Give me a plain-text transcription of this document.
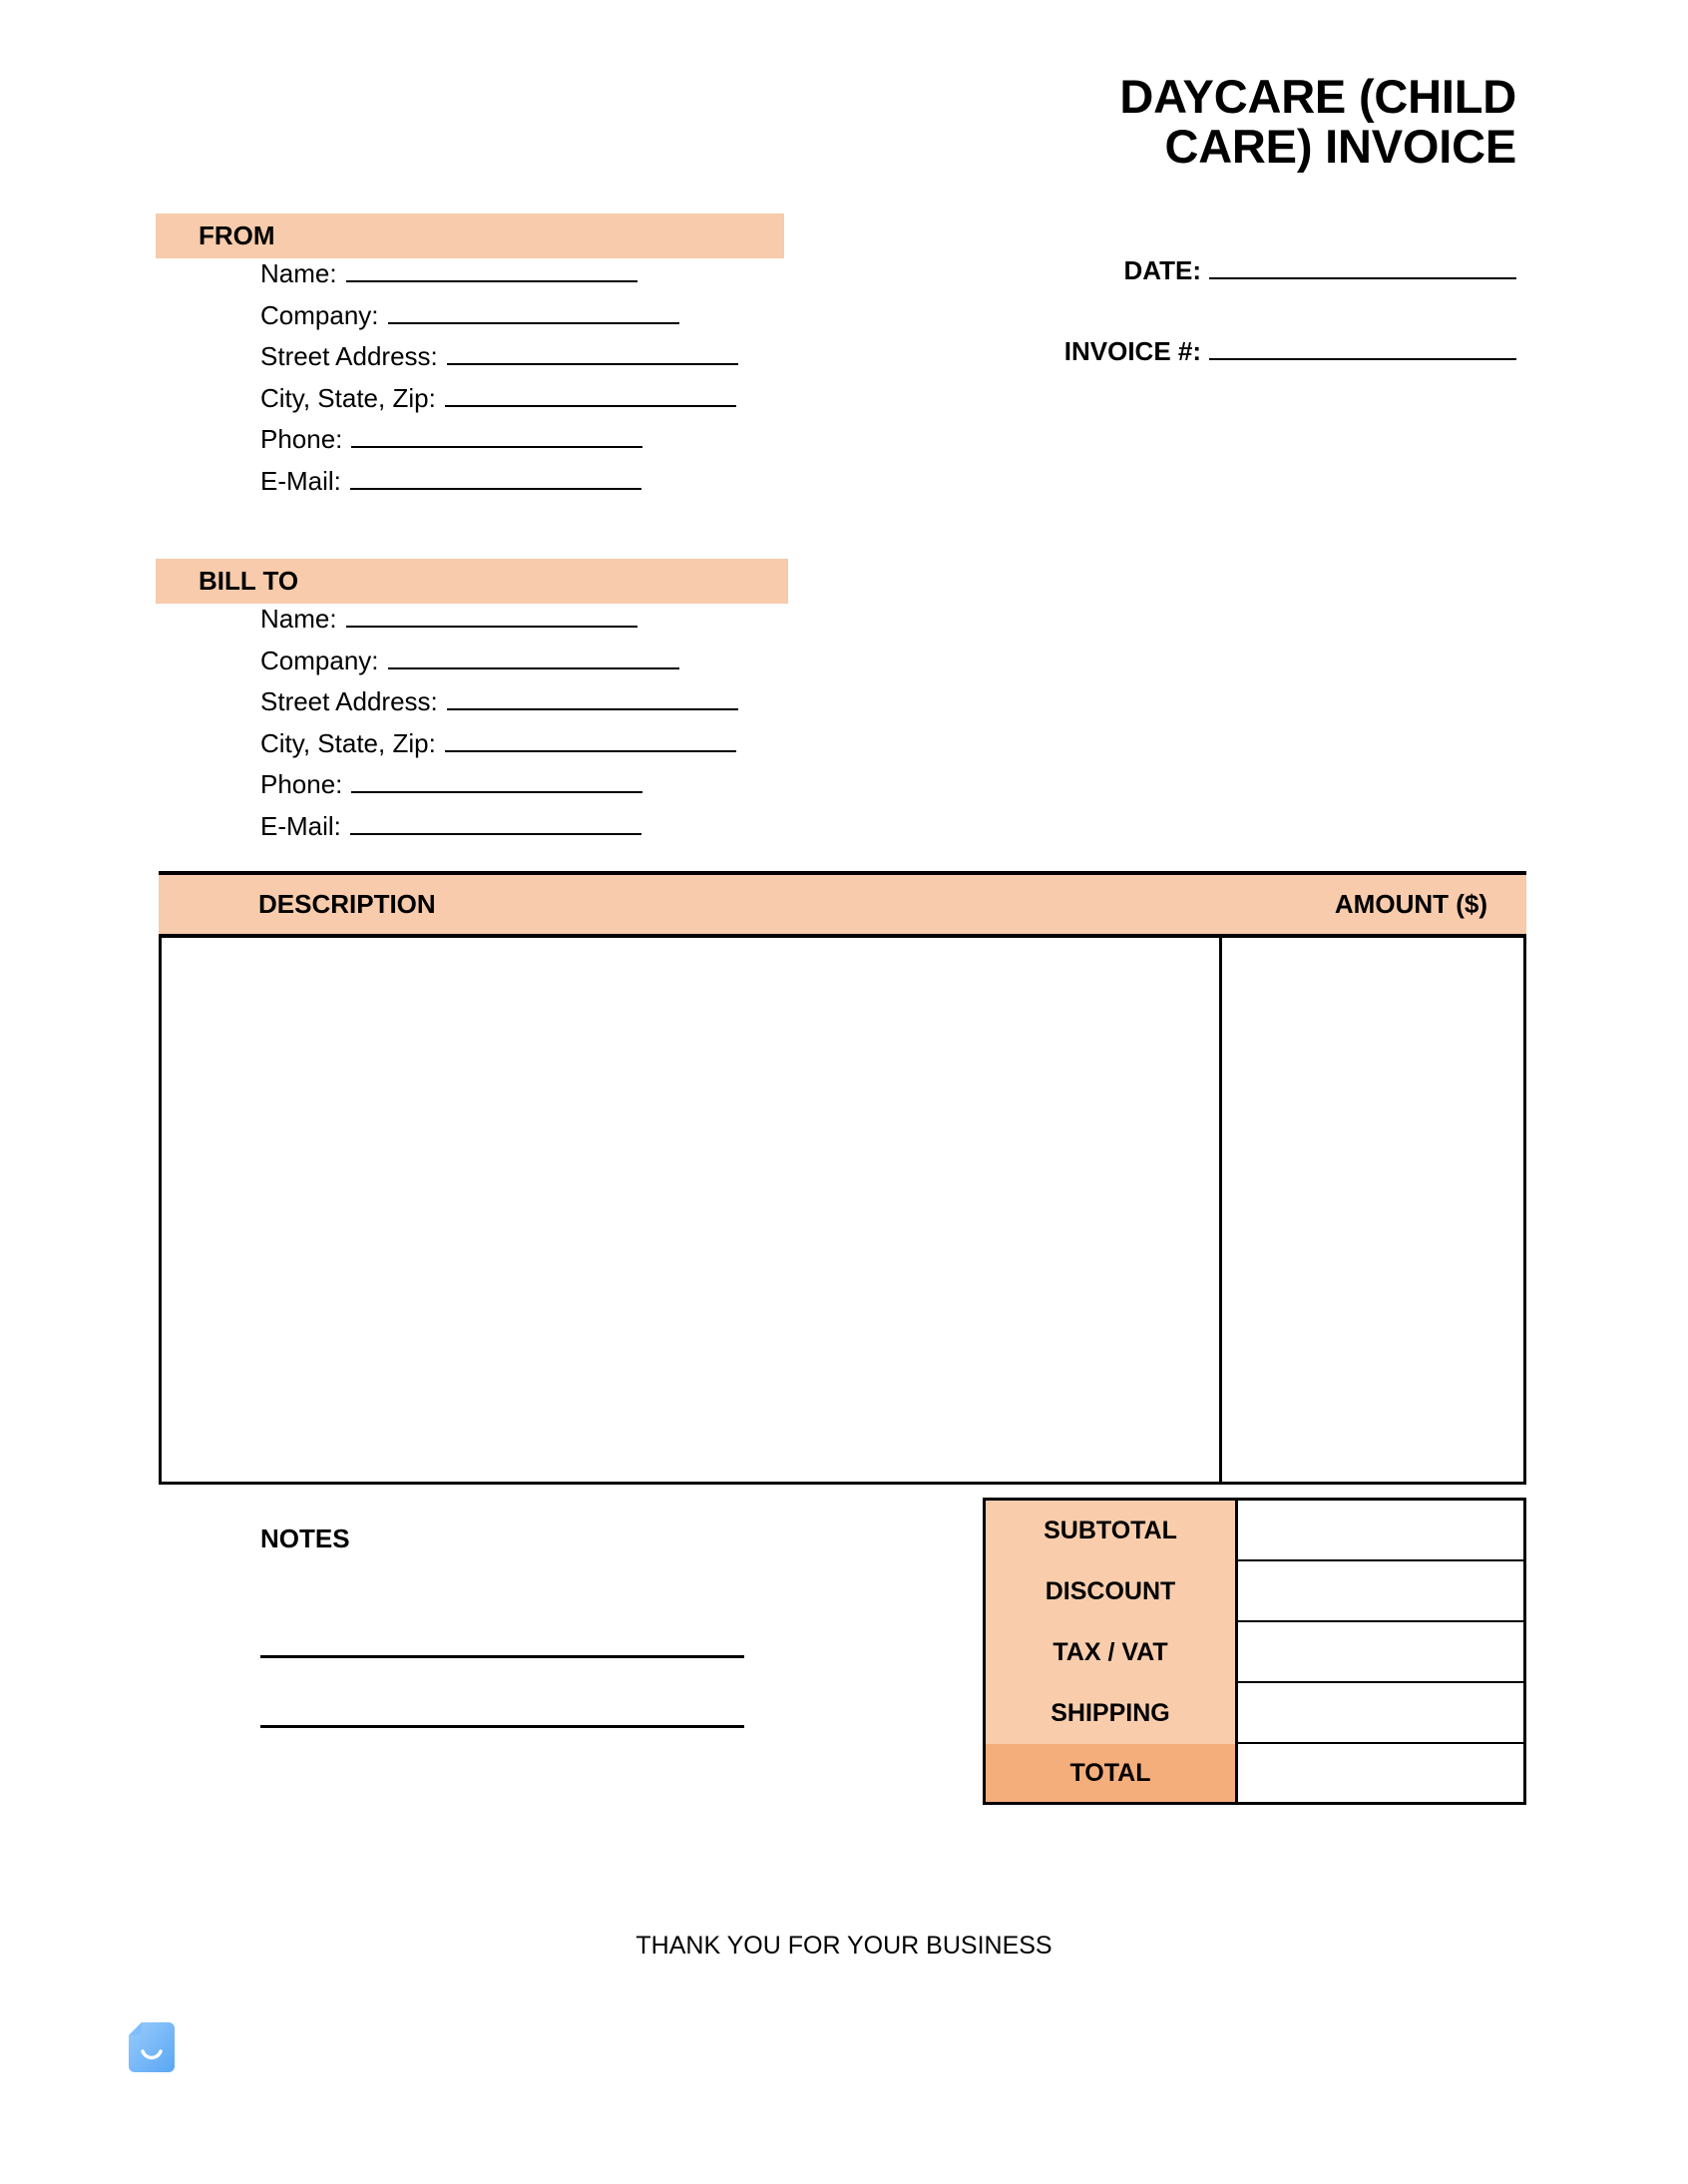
DAYCARE (CHILD
CARE) INVOICE
DATE:
INVOICE #:
FROM
Name:
Company:
Street Address:
City, State, Zip:
Phone:
E-Mail:
BILL TO
Name:
Company:
Street Address:
City, State, Zip:
Phone:
E-Mail:
DESCRIPTION	AMOUNT ($)
NOTES	SUBTOTAL
DISCOUNT
TAX / VAT
SHIPPING
TOTAL
THANK YOU FOR YOUR BUSINESS
